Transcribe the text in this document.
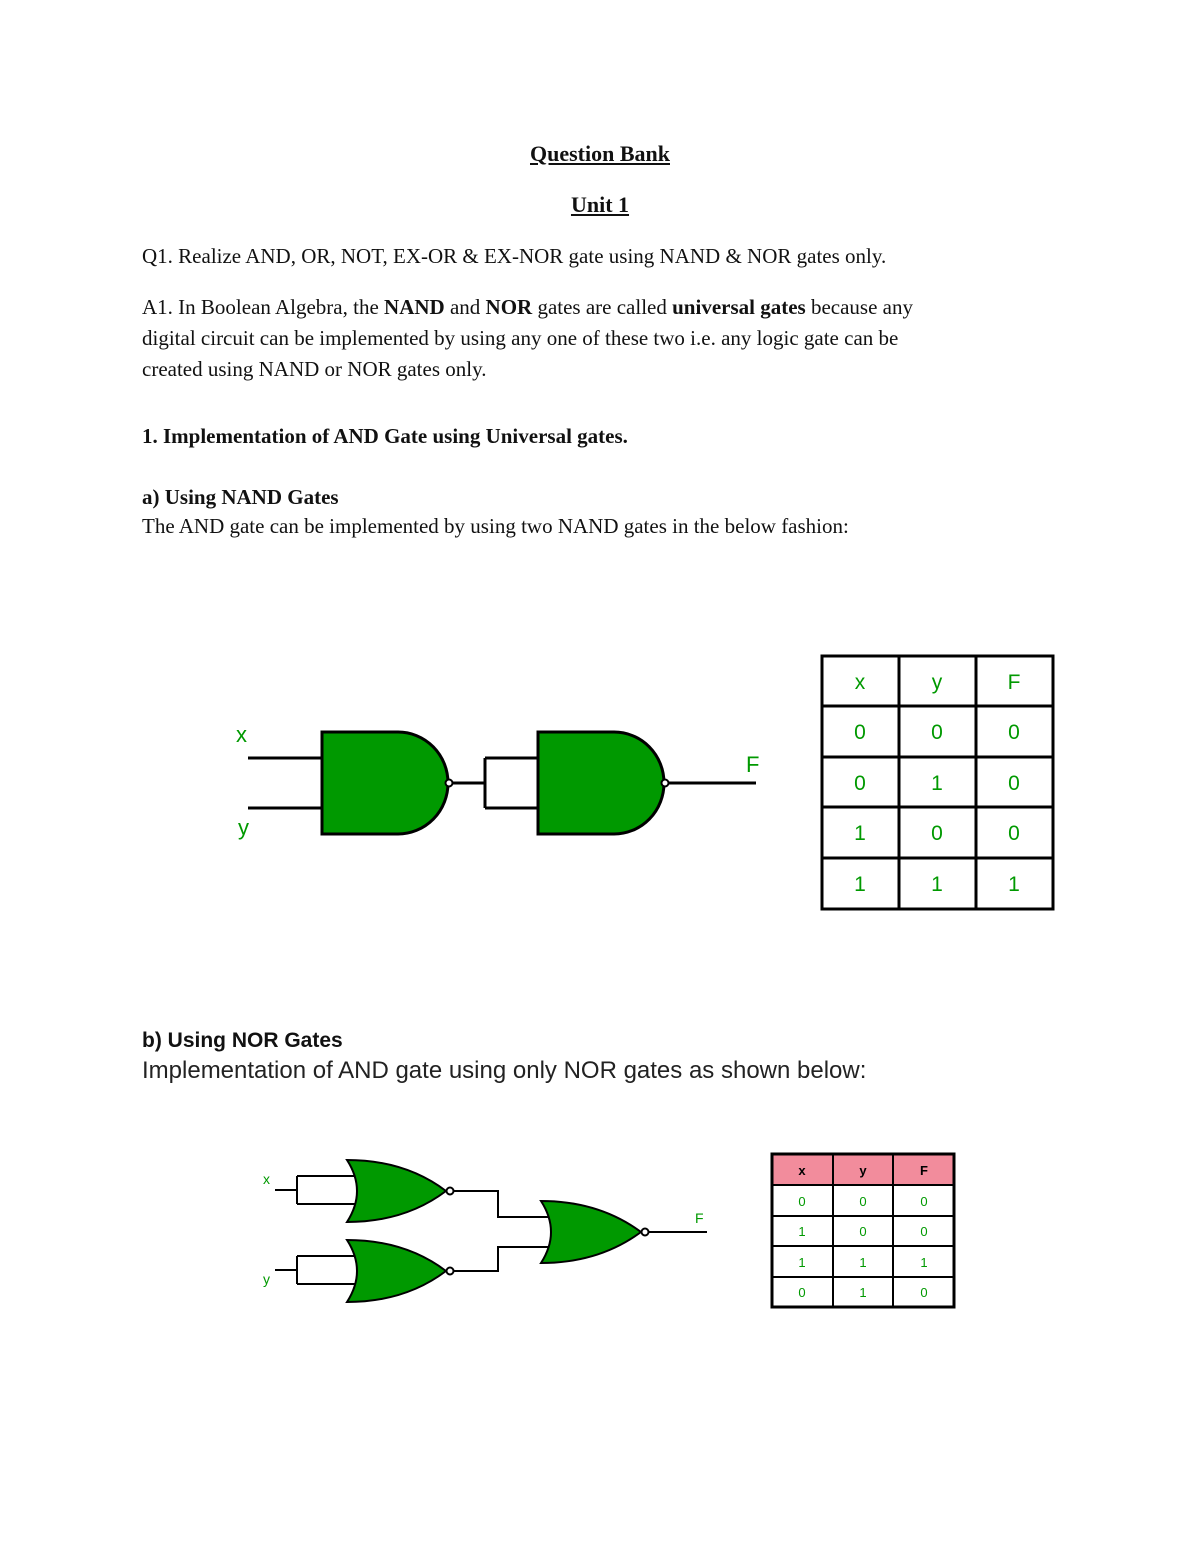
Question Bank
Unit 1
Q1. Realize AND, OR, NOT, EX-OR & EX-NOR gate using NAND & NOR gates only.
A1. In Boolean Algebra, the NAND and NOR gates are called universal gates because any
digital circuit can be implemented by using any one of these two i.e. any logic gate can be
created using NAND or NOR gates only.
1. Implementation of AND Gate using Universal gates.
a) Using NAND Gates
The AND gate can be implemented by using two NAND gates in the below fashion:
x
y
F
x	y	F
0	0	0
0	1	0
1	0	0
1	1	1
b) Using NOR Gates
Implementation of AND gate using only NOR gates as shown below:
x
y
F
x	y	F
0	0	0
1	0	0
1	1	1
0	1	0
